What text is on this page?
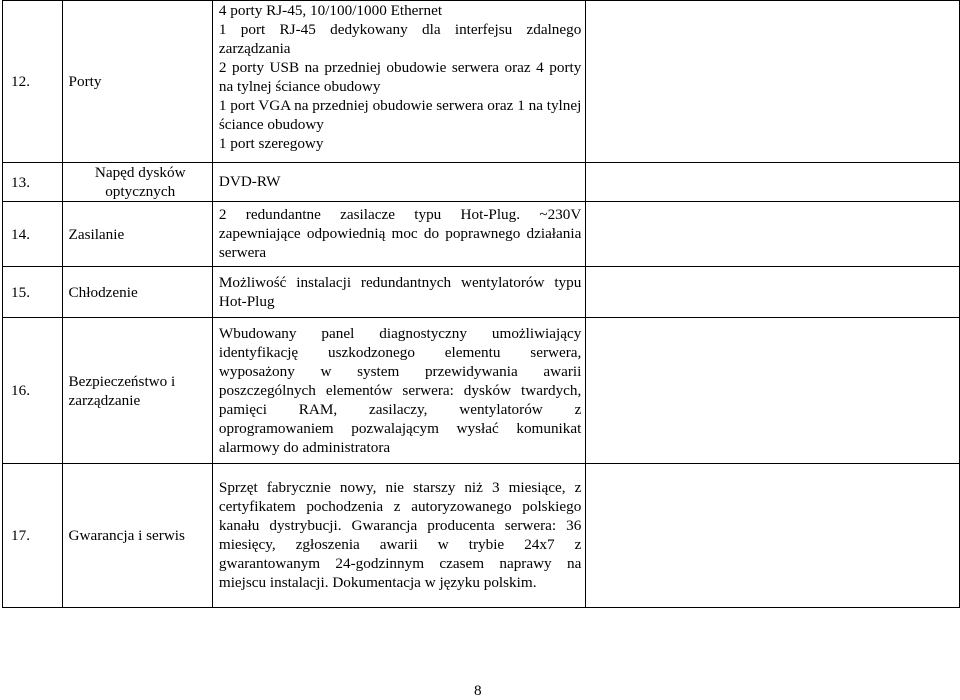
12.	Porty	4 porty RJ-45, 10/100/1000 Ethernet
1 port RJ-45 dedykowany dla interfejsu zdalnego zarządzania
2 porty USB na przedniej obudowie serwera oraz 4 porty na tylnej ściance obudowy
1 port VGA na przedniej obudowie serwera oraz 1 na tylnej ściance obudowy
1 port szeregowy	

13.	Napęd dysków optycznych	DVD-RW	
14.	Zasilanie	2 redundantne zasilacze typu Hot-Plug. ~230V zapewniające odpowiednią moc do poprawnego działania serwera	
15.	Chłodzenie	Możliwość instalacji redundantnych wentylatorów typu Hot-Plug	
16.	Bezpieczeństwo i zarządzanie	Wbudowany panel diagnostyczny umożliwiający identyfikację uszkodzonego elementu serwera, wyposażony w system przewidywania awarii poszczególnych elementów serwera: dysków twardych, pamięci RAM, zasilaczy, wentylatorów z oprogramowaniem pozwalającym wysłać komunikat alarmowy do administratora	
17.	Gwarancja i serwis	Sprzęt fabrycznie nowy, nie starszy niż 3 miesiące, z certyfikatem pochodzenia z autoryzowanego polskiego kanału dystrybucji. Gwarancja producenta serwera: 36 miesięcy, zgłoszenia awarii w trybie 24x7 z gwarantowanym 24-godzinnym czasem naprawy na miejscu instalacji. Dokumentacja w języku polskim.	
8
